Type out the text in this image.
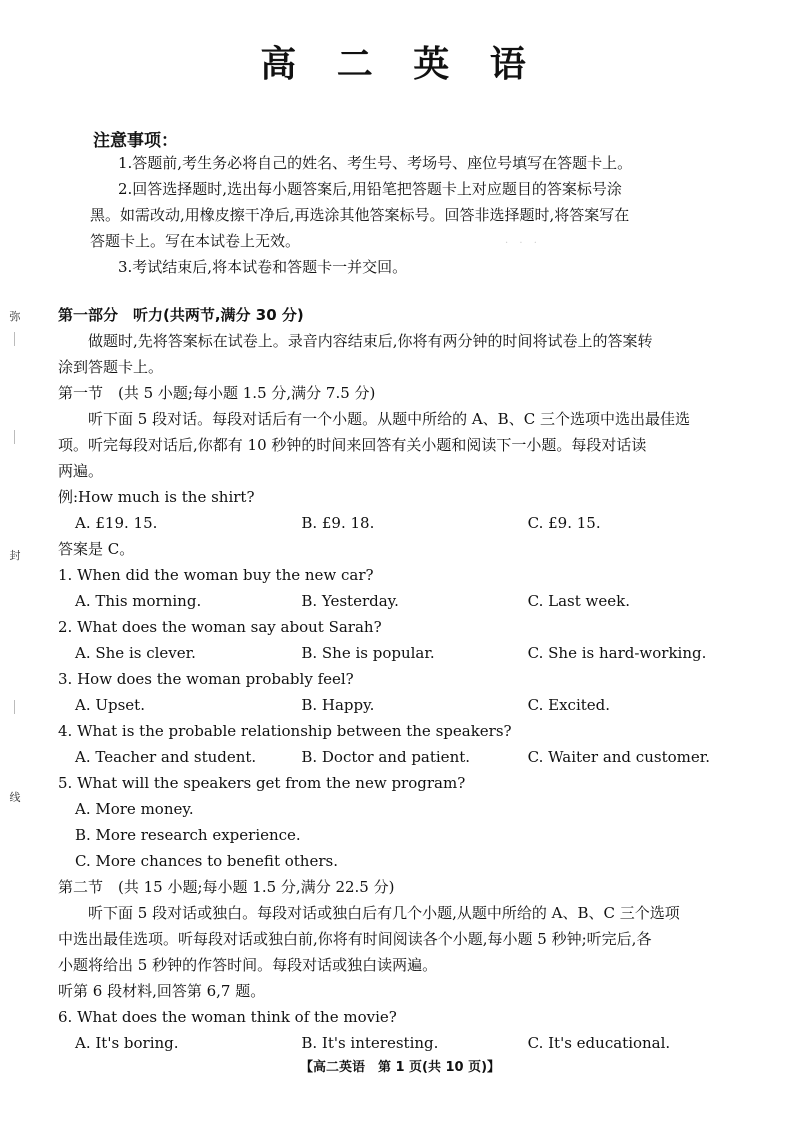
高 二 英 语
弥
封
线
注意事项：

1.答题前,考生务必将自己的姓名、考生号、考场号、座位号填写在答题卡上。

2.回答选择题时,选出每小题答案后,用铅笔把答题卡上对应题目的答案标号涂

黑。如需改动,用橡皮擦干净后,再选涂其他答案标号。回答非选择题时,将答案写在

答题卡上。写在本试卷上无效。

3.考试结束后,将本试卷和答题卡一并交回。

· · ·

第一部分　听力(共两节,满分 30 分)

做题时,先将答案标在试卷上。录音内容结束后,你将有两分钟的时间将试卷上的答案转

涂到答题卡上。

第一节　(共 5 小题;每小题 1.5 分,满分 7.5 分)

听下面 5 段对话。每段对话后有一个小题。从题中所给的 A、B、C 三个选项中选出最佳选

项。听完每段对话后,你都有 10 秒钟的时间来回答有关小题和阅读下一小题。每段对话读

两遍。

例:How much is the shirt?

A. £19. 15.	B. £9. 18.	C. £9. 15.

答案是 C。

1. When did the woman buy the new car?

A. This morning.	B. Yesterday.	C. Last week.

2. What does the woman say about Sarah?

A. She is clever.	B. She is popular.	C. She is hard-working.

3. How does the woman probably feel?

A. Upset.	B. Happy.	C. Excited.

4. What is the probable relationship between the speakers?

A. Teacher and student.	B. Doctor and patient.	C. Waiter and customer.

5. What will the speakers get from the new program?

A. More money.

B. More research experience.

C. More chances to benefit others.

第二节　(共 15 小题;每小题 1.5 分,满分 22.5 分)

听下面 5 段对话或独白。每段对话或独白后有几个小题,从题中所给的 A、B、C 三个选项

中选出最佳选项。听每段对话或独白前,你将有时间阅读各个小题,每小题 5 秒钟;听完后,各

小题将给出 5 秒钟的作答时间。每段对话或独白读两遍。

听第 6 段材料,回答第 6,7 题。

6. What does the woman think of the movie?

A. It's boring.	B. It's interesting.	C. It's educational.
【高二英语　第 1 页(共 10 页)】
